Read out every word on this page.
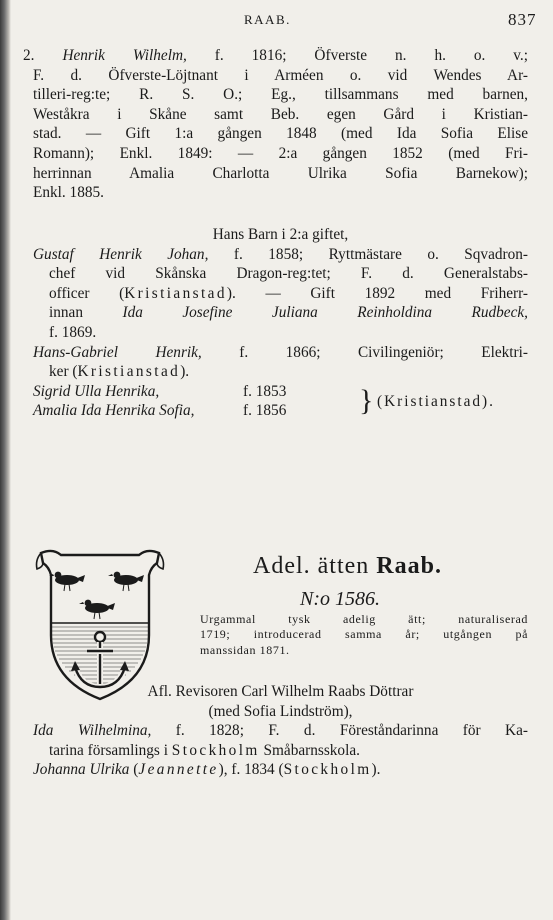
RAAB.	837

2. Henrik Wilhelm, f. 1816; Öfverste n. h. o. v.;

F. d. Öfverste-Löjtnant i Arméen o. vid Wendes Ar-

tilleri-reg:te; R. S. O.; Eg., tillsammans med barnen,

Weståkra i Skåne samt Beb. egen Gård i Kristian-

stad. — Gift 1:a gången 1848 (med Ida Sofia Elise

Romann); Enkl. 1849: — 2:a gången 1852 (med Fri-

herrinnan Amalia Charlotta Ulrika Sofia Barnekow);

Enkl. 1885.

Hans Barn i 2:a giftet,

Gustaf Henrik Johan, f. 1858; Ryttmästare o. Sqvadron-

chef vid Skånska Dragon-reg:tet; F. d. Generalstabs-

officer (Kristianstad). — Gift 1892 med Friherr-

innan Ida Josefine Juliana Reinholdina Rudbeck,

f. 1869.

Hans-Gabriel Henrik, f. 1866; Civilingeniör; Elektri-

ker (Kristianstad).

Sigrid Ulla Henrika,	f. 1853
Amalia Ida Henrika Sofia,	f. 1856 } (Kristianstad).
Adel. ätten Raab.
N:o 1586.

Urgammal tysk adelig ätt; naturaliserad

1719; introducerad samma år; utgången på

manssidan 1871.

Afl. Revisoren Carl Wilhelm Raabs Döttrar

(med Sofia Lindström),

Ida Wilhelmina, f. 1828; F. d. Föreståndarinna för Ka-

tarina församlings i Stockholm Småbarnsskola.

Johanna Ulrika (Jeannette), f. 1834 (Stockholm).
